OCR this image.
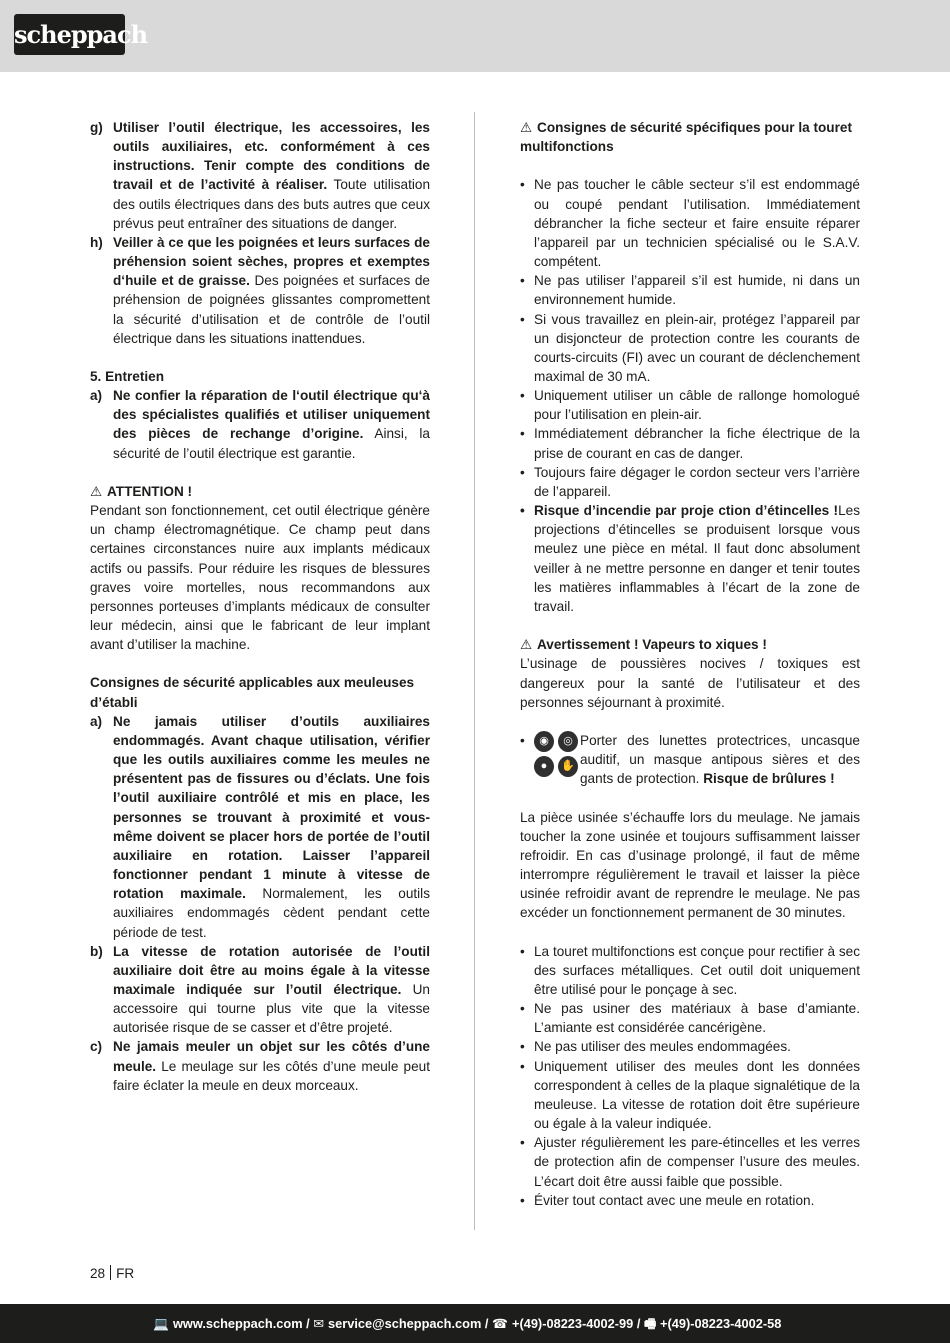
scheppach
g) Utiliser l’outil électrique, les accessoires, les outils auxiliaires, etc. conformément à ces instructions. Tenir compte des conditions de travail et de l’activité à réaliser. Toute utilisation des outils électriques dans des buts autres que ceux prévus peut entraîner des situations de danger.
h) Veiller à ce que les poignées et leurs surfaces de préhension soient sèches, propres et exemptes d‘huile et de graisse. Des poignées et surfaces de préhension de poignées glissantes compromettent la sécurité d’utilisation et de contrôle de l’outil électrique dans les situations inattendues.

5. Entretien

a) Ne confier la réparation de l‘outil électrique qu‘à des spécialistes qualifiés et utiliser uniquement des pièces de rechange d’origine. Ainsi, la sécurité de l’outil électrique est garantie.

⚠ ATTENTION !

Pendant son fonctionnement, cet outil électrique génère un champ électromagnétique. Ce champ peut dans certaines circonstances nuire aux implants médicaux actifs ou passifs. Pour réduire les risques de blessures graves voire mortelles, nous recommandons aux personnes porteuses d’implants médicaux de consulter leur médecin, ainsi que le fabricant de leur implant avant d’utiliser la machine.

Consignes de sécurité applicables aux meuleuses d’établi

a) Ne jamais utiliser d’outils auxiliaires endommagés. Avant chaque utilisation, vérifier que les outils auxiliaires comme les meules ne présentent pas de fissures ou d’éclats. Une fois l’outil auxiliaire contrôlé et mis en place, les personnes se trouvant à proximité et vous-même doivent se placer hors de portée de l’outil auxiliaire en rotation. Laisser l’appareil fonctionner pendant 1 minute à vitesse de rotation maximale. Normalement, les outils auxiliaires endommagés cèdent pendant cette période de test.
b) La vitesse de rotation autorisée de l’outil auxiliaire doit être au moins égale à la vitesse maximale indiquée sur l’outil électrique. Un accessoire qui tourne plus vite que la vitesse autorisée risque de se casser et d’être projeté.
c) Ne jamais meuler un objet sur les côtés d’une meule. Le meulage sur les côtés d’une meule peut faire éclater la meule en deux morceaux.

⚠ Consignes de sécurité spécifiques pour la touret multifonctions

• Ne pas toucher le câble secteur s’il est endommagé ou coupé pendant l’utilisation. Immédiatement débrancher la fiche secteur et faire ensuite réparer l’appareil par un technicien spécialisé ou le S.A.V. compétent.
• Ne pas utiliser l’appareil s’il est humide, ni dans un environnement humide.
• Si vous travaillez en plein-air, protégez l’appareil par un disjoncteur de protection contre les courants de courts-circuits (FI) avec un courant de déclenchement maximal de 30 mA.
• Uniquement utiliser un câble de rallonge homologué pour l’utilisation en plein-air.
• Immédiatement débrancher la fiche électrique de la prise de courant en cas de danger.
• Toujours faire dégager le cordon secteur vers l’arrière de l’appareil.
• Risque d’incendie par proje ction d’étincelles !Les projections d’étincelles se produisent lorsque vous meulez une pièce en métal. Il faut donc absolument veiller à ne mettre personne en danger et tenir toutes les matières inflammables à l’écart de la zone de travail.

⚠ Avertissement ! Vapeurs to xiques !

L’usinage de poussières nocives / toxiques est dangereux pour la santé de l’utilisateur et des personnes séjournant à proximité.

•	◉	◎
●	✋
Porter des lunettes protectrices, uncasque auditif, un masque antipous sières et des gants de protection. Risque de brûlures !

La pièce usinée s’échauffe lors du meulage. Ne jamais toucher la zone usinée et toujours suffisamment laisser refroidir. En cas d’usinage prolongé, il faut de même interrompre régulièrement le travail et laisser la pièce usinée refroidir avant de reprendre le meulage. Ne pas excéder un fonctionnement permanent de 30 minutes.

• La touret multifonctions est conçue pour rectifier à sec des surfaces métalliques. Cet outil doit uniquement être utilisé pour le ponçage à sec.
• Ne pas usiner des matériaux à base d’amiante. L’amiante est considérée cancérigène.
• Ne pas utiliser des meules endommagées.
• Uniquement utiliser des meules dont les données correspondent à celles de la plaque signalétique de la meuleuse. La vitesse de rotation doit être supérieure ou égale à la valeur indiquée.
• Ajuster régulièrement les pare-étincelles et les verres de protection afin de compenser l’usure des meules. L’écart doit être aussi faible que possible.
• Éviter tout contact avec une meule en rotation.
28 FR
💻 www.scheppach.com / ✉ service@scheppach.com / ☎ +(49)-08223-4002-99 / 🖷 +(49)-08223-4002-58
